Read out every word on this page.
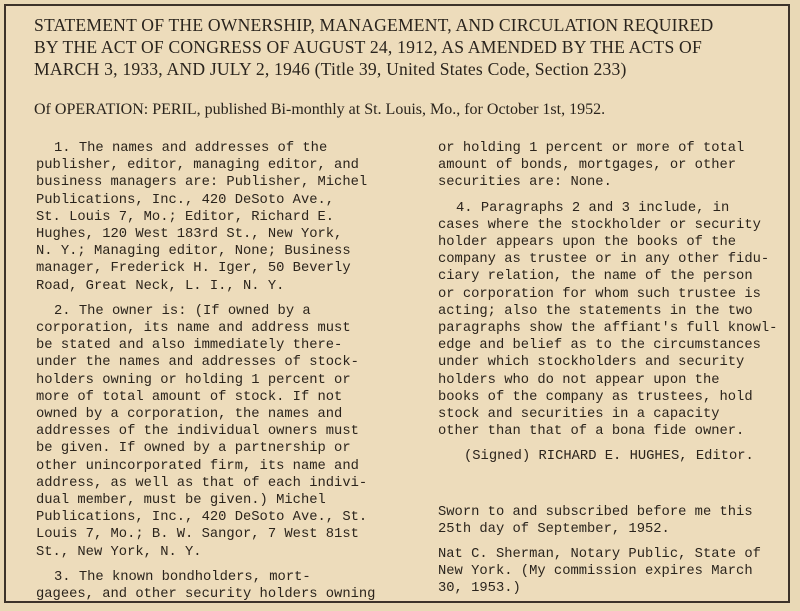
STATEMENT OF THE OWNERSHIP, MANAGEMENT, AND CIRCULATION REQUIRED
BY THE ACT OF CONGRESS OF AUGUST 24, 1912, AS AMENDED BY THE ACTS OF
MARCH 3, 1933, AND JULY 2, 1946 (Title 39, United States Code, Section 233)
Of OPERATION: PERIL, published Bi-monthly at St. Louis, Mo., for October 1st, 1952.
1. The names and addresses of the
publisher, editor, managing editor, and
business managers are: Publisher, Michel
Publications, Inc., 420 DeSoto Ave.,
St. Louis 7, Mo.; Editor, Richard E.
Hughes, 120 West 183rd St., New York,
N. Y.; Managing editor, None; Business
manager, Frederick H. Iger, 50 Beverly
Road, Great Neck, L. I., N. Y.
2. The owner is: (If owned by a
corporation, its name and address must
be stated and also immediately there-
under the names and addresses of stock-
holders owning or holding 1 percent or
more of total amount of stock. If not
owned by a corporation, the names and
addresses of the individual owners must
be given. If owned by a partnership or
other unincorporated firm, its name and
address, as well as that of each indivi-
dual member, must be given.) Michel
Publications, Inc., 420 DeSoto Ave., St.
Louis 7, Mo.; B. W. Sangor, 7 West 81st
St., New York, N. Y.
3. The known bondholders, mort-
gagees, and other security holders owning
or holding 1 percent or more of total
amount of bonds, mortgages, or other
securities are: None.
4. Paragraphs 2 and 3 include, in
cases where the stockholder or security
holder appears upon the books of the
company as trustee or in any other fidu-
ciary relation, the name of the person
or corporation for whom such trustee is
acting; also the statements in the two
paragraphs show the affiant's full knowl-
edge and belief as to the circumstances
under which stockholders and security
holders who do not appear upon the
books of the company as trustees, hold
stock and securities in a capacity
other than that of a bona fide owner.
(Signed) RICHARD E. HUGHES, Editor.
Sworn to and subscribed before me this
25th day of September, 1952.
Nat C. Sherman, Notary Public, State of
New York. (My commission expires March
30, 1953.)
